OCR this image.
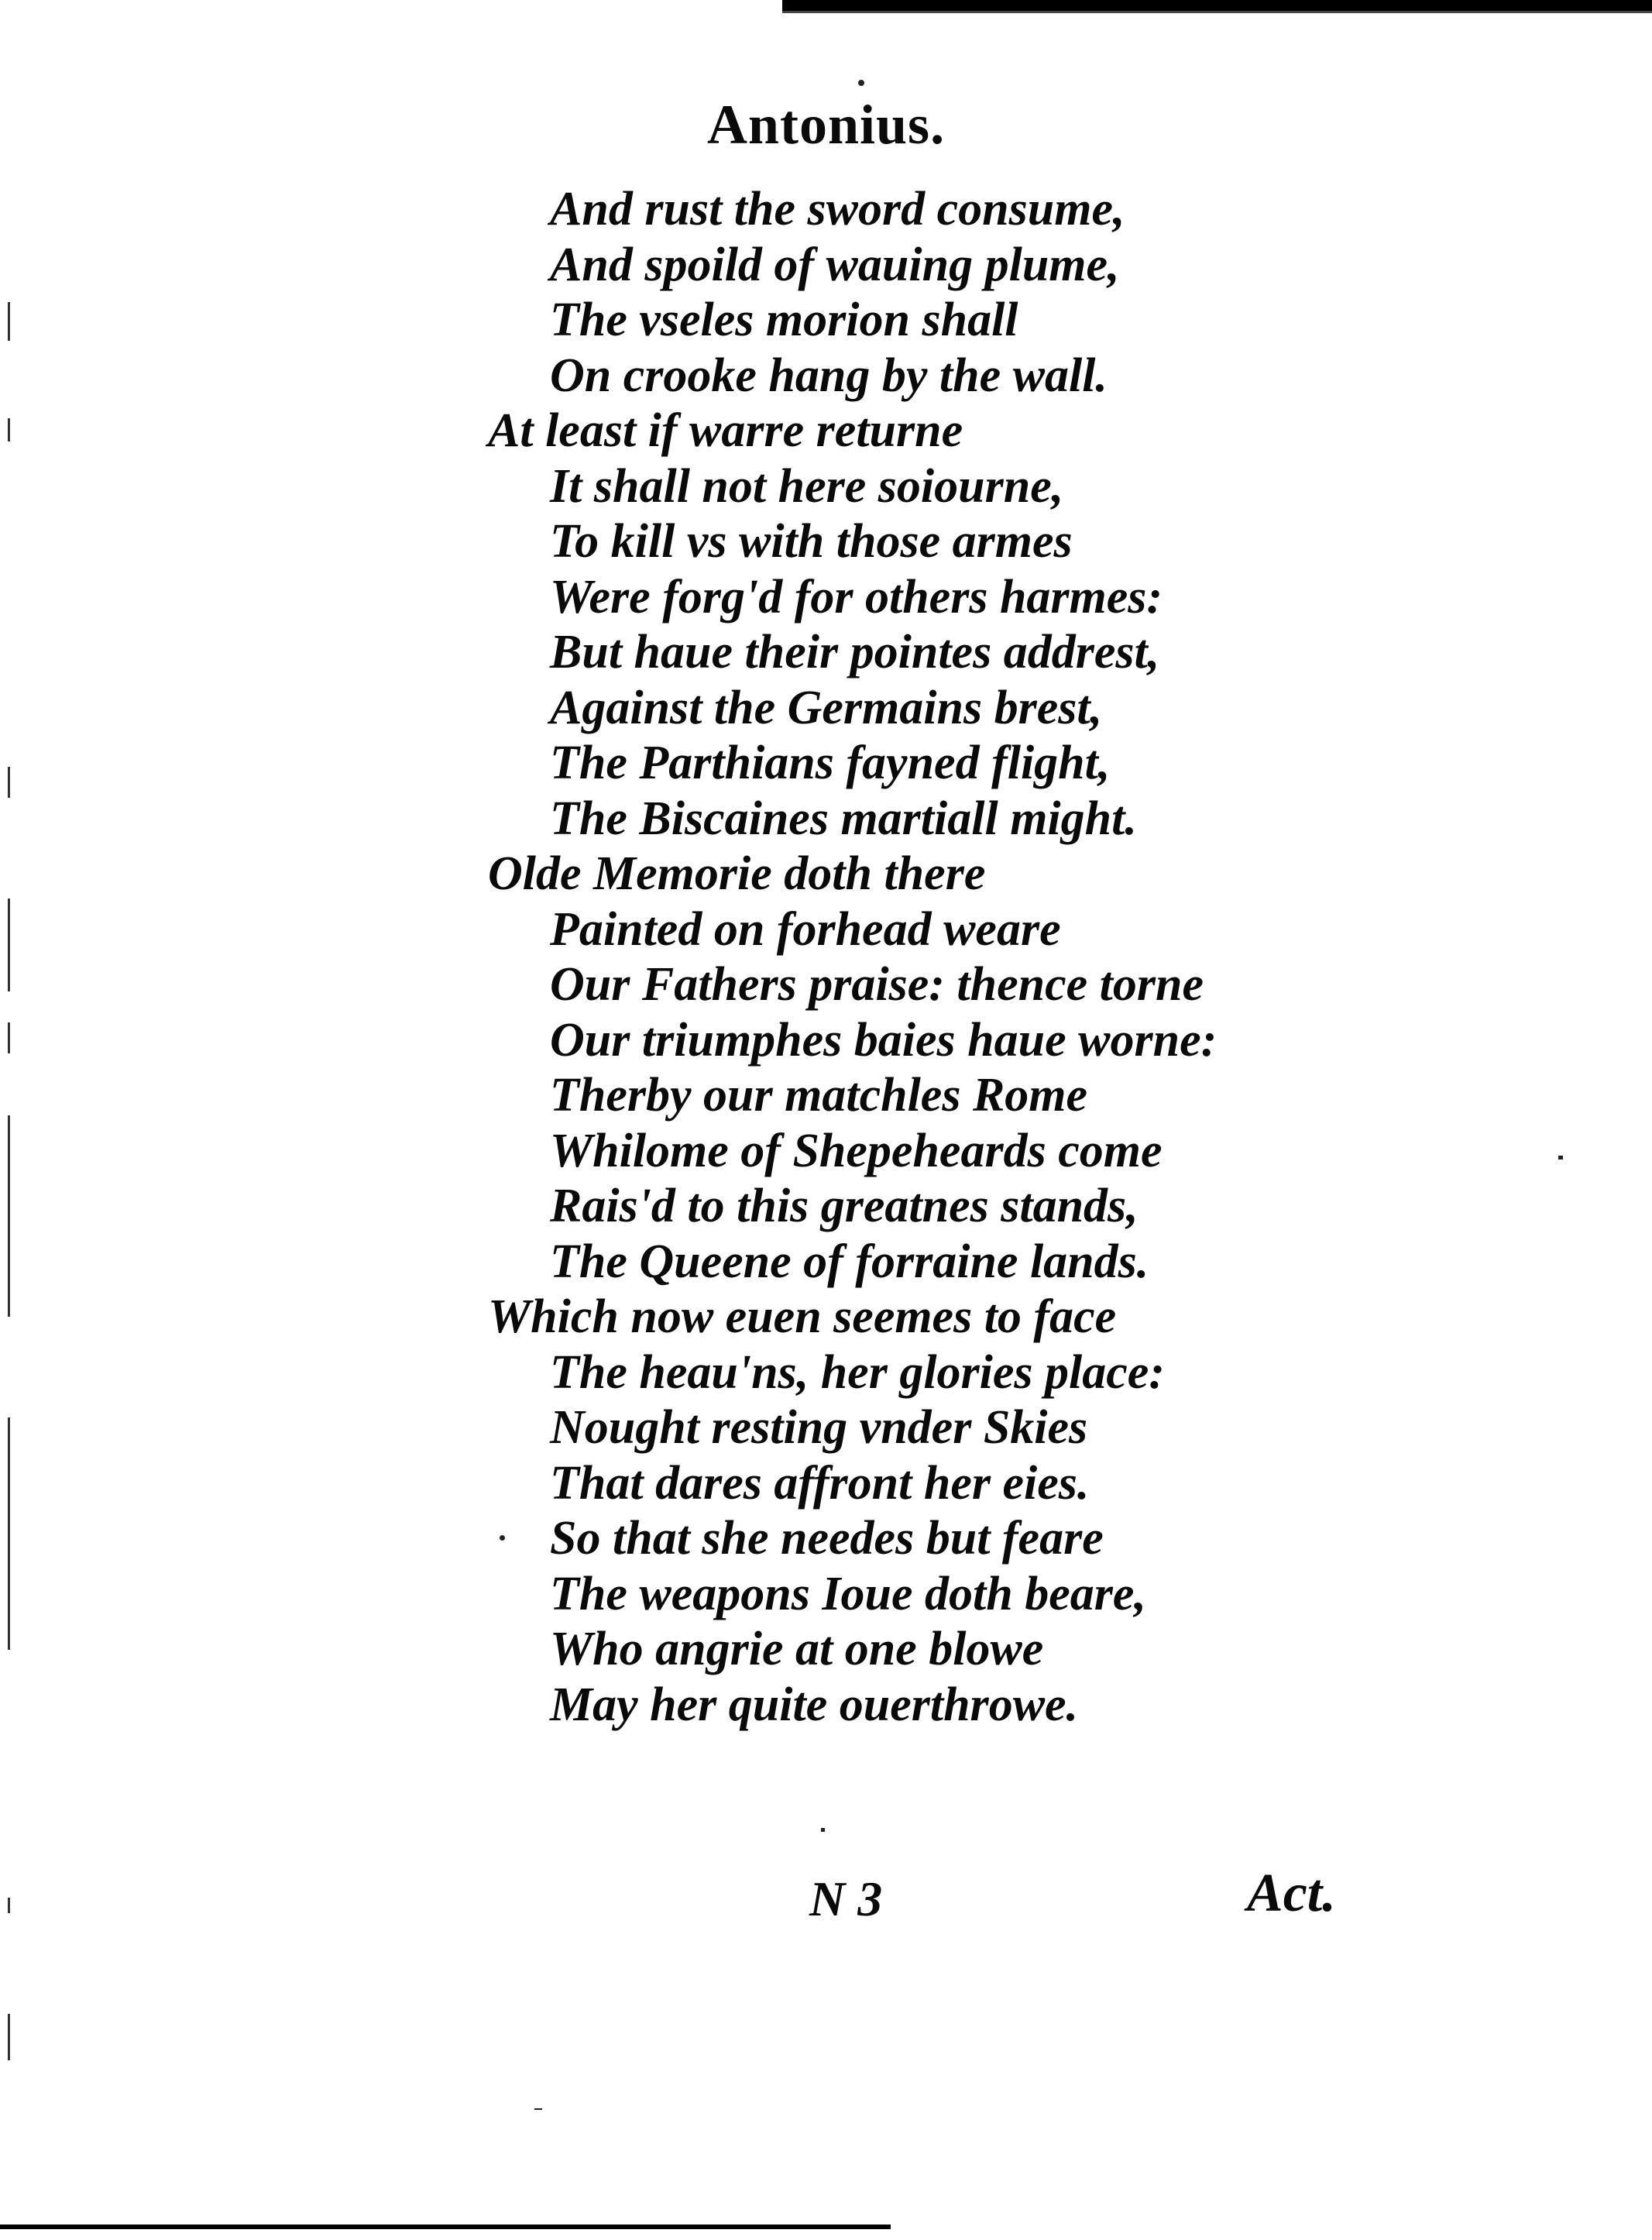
Antonius.
And rust the sword consume,
And spoild of wauing plume,
The vseles morion shall
On crooke hang by the wall.
At least if warre returne
It shall not here soiourne,
To kill vs with those armes
Were forg'd for others harmes:
But haue their pointes addrest,
Against the Germains brest,
The Parthians fayned flight,
The Biscaines martiall might.
Olde Memorie doth there
Painted on forhead weare
Our Fathers praise: thence torne
Our triumphes baies haue worne:
Therby our matchles Rome
Whilome of Shepeheards come
Rais'd to this greatnes stands,
The Queene of forraine lands.
Which now euen seemes to face
The heau'ns, her glories place:
Nought resting vnder Skies
That dares affront her eies.
So that she needes but feare
The weapons Ioue doth beare,
Who angrie at one blowe
May her quite ouerthrowe.
N 3	Act.
